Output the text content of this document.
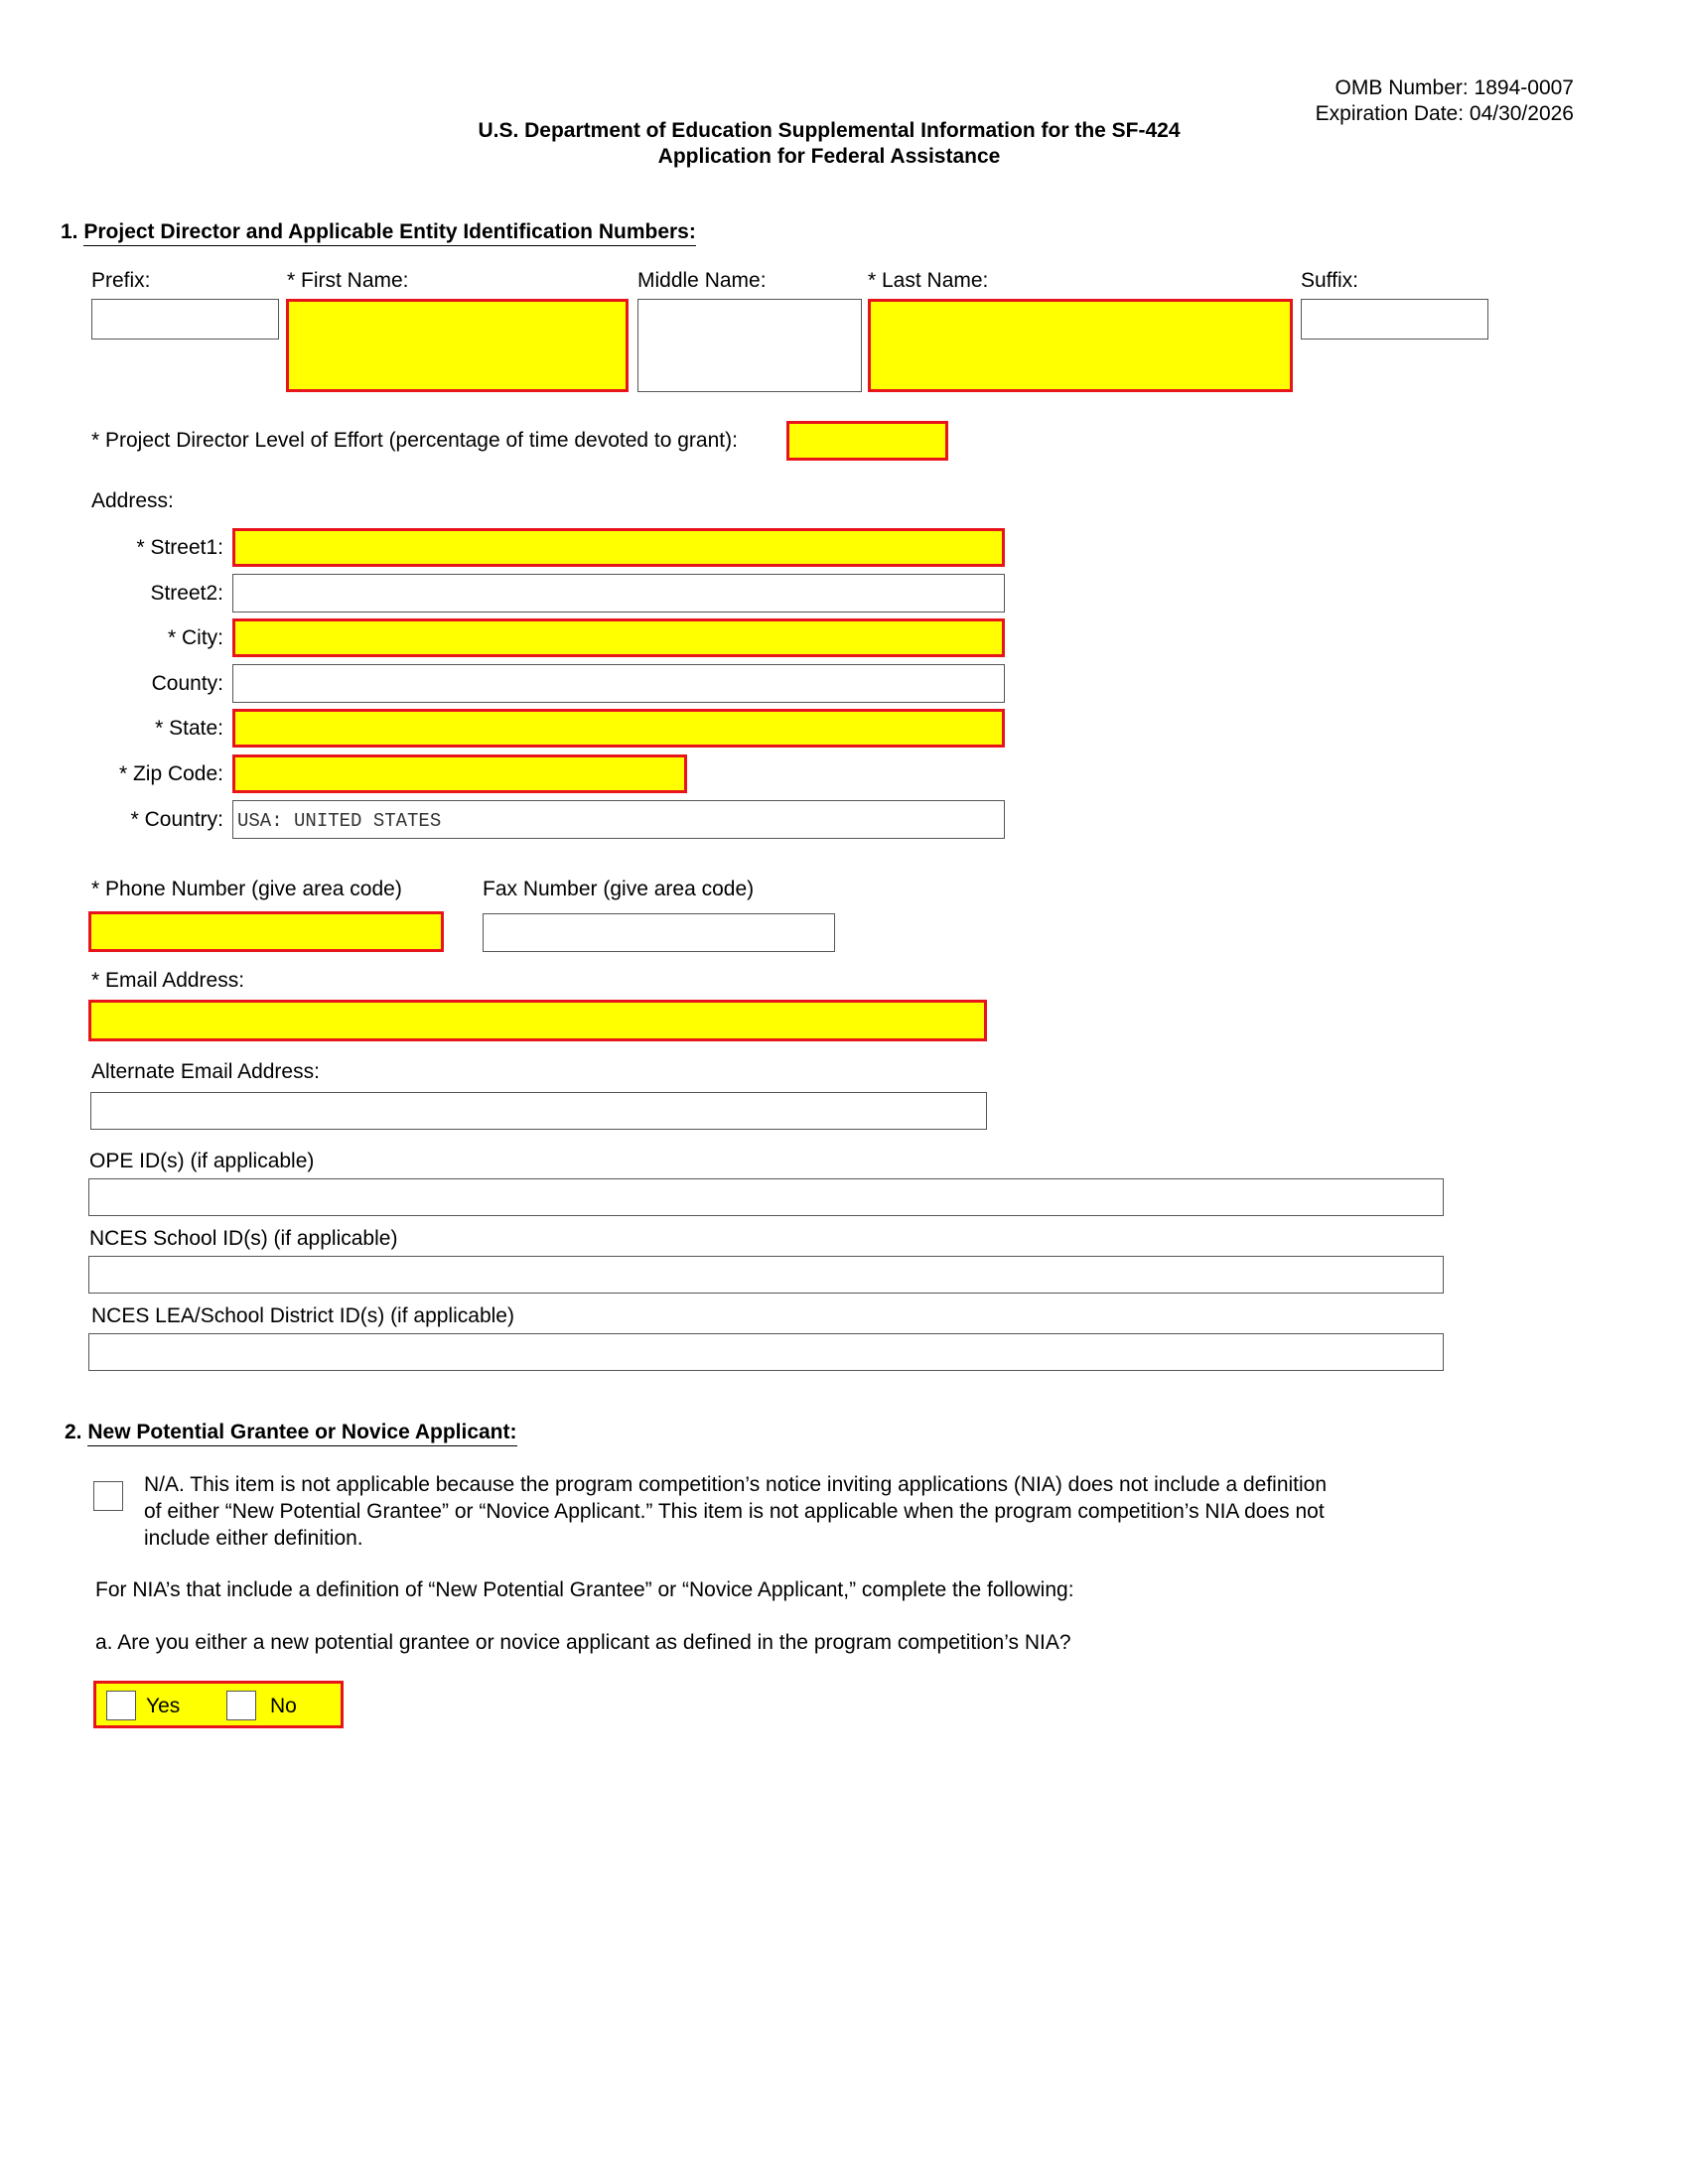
OMB Number: 1894-0007
Expiration Date: 04/30/2026
U.S. Department of Education Supplemental Information for the SF-424
Application for Federal Assistance
1. Project Director and Applicable Entity Identification Numbers:
Prefix:	* First Name:	Middle Name:	* Last Name:	Suffix:
* Project Director Level of Effort (percentage of time devoted to grant):
Address:
* Street1:
Street2:
* City:
County:
* State:
* Zip Code:
* Country: USA: UNITED STATES
* Phone Number (give area code)	Fax Number (give area code)
* Email Address:
Alternate Email Address:
OPE ID(s) (if applicable)
NCES School ID(s) (if applicable)
NCES LEA/School District ID(s) (if applicable)
2. New Potential Grantee or Novice Applicant:
N/A. This item is not applicable because the program competition’s notice inviting applications (NIA) does not include a definition
of either “New Potential Grantee” or “Novice Applicant.” This item is not applicable when the program competition’s NIA does not
include either definition.
For NIA’s that include a definition of “New Potential Grantee” or “Novice Applicant,” complete the following:
a. Are you either a new potential grantee or novice applicant as defined in the program competition’s NIA?
Yes	No
